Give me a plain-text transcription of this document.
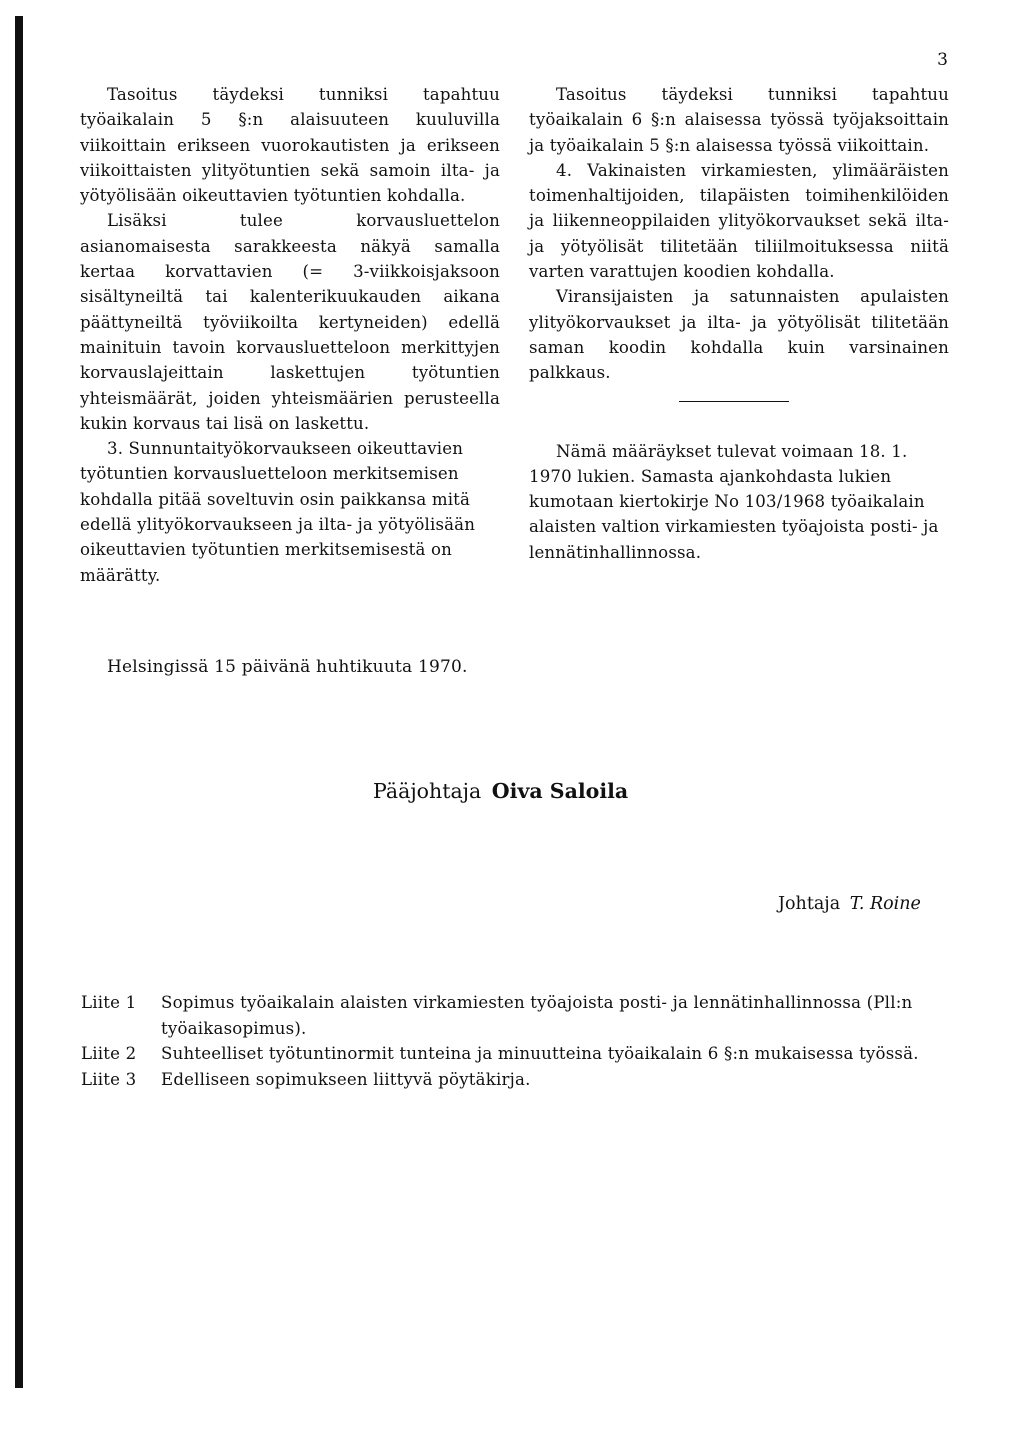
3

Tasoitus täydeksi tunniksi tapahtuu työaikalain 5 §:n alaisuuteen kuuluvilla viikoittain erikseen vuorokautisten ja erikseen viikoittaisten ylityötuntien sekä samoin ilta- ja yötyölisään oikeuttavien työtuntien kohdalla.

Lisäksi tulee korvausluettelon asianomaisesta sarakkeesta näkyä samalla kertaa korvattavien (= 3-viikkoisjaksoon sisältyneiltä tai kalenterikuukauden aikana päättyneiltä työviikoilta kertyneiden) edellä mainituin tavoin korvausluetteloon merkittyjen korvauslajeittain laskettujen työtuntien yhteismäärät, joiden yhteismäärien perusteella kukin korvaus tai lisä on laskettu.

3. Sunnuntaityökorvaukseen oikeuttavien työtuntien korvausluetteloon merkitsemisen kohdalla pitää soveltuvin osin paikkansa mitä edellä ylityökorvaukseen ja ilta- ja yötyölisään oikeuttavien työtuntien merkitsemisestä on määrätty.

Tasoitus täydeksi tunniksi tapahtuu työaikalain 6 §:n alaisessa työssä työjaksoittain ja työaikalain 5 §:n alaisessa työssä viikoittain.

4. Vakinaisten virkamiesten, ylimääräisten toimenhaltijoiden, tilapäisten toimihenkilöiden ja liikenneoppilaiden ylityökorvaukset sekä ilta- ja yötyölisät tilitetään tiliilmoituksessa niitä varten varattujen koodien kohdalla.

Viransijaisten ja satunnaisten apulaisten ylityökorvaukset ja ilta- ja yötyölisät tilitetään saman koodin kohdalla kuin varsinainen palkkaus.

Nämä määräykset tulevat voimaan 18. 1. 1970 lukien. Samasta ajankohdasta lukien kumotaan kiertokirje No 103/1968 työaikalain alaisten valtion virkamiesten työajoista posti- ja lennätinhallinnossa.

Helsingissä 15 päivänä huhtikuuta 1970.
Pääjohtaja Oiva Saloila
Johtaja T. Roine
Liite 1	Sopimus työaikalain alaisten virkamiesten työajoista posti- ja lennätinhallinnossa (Pll:n työaikasopimus).
Liite 2	Suhteelliset työtuntinormit tunteina ja minuutteina työaikalain 6 §:n mukaisessa työssä.
Liite 3	Edelliseen sopimukseen liittyvä pöytäkirja.
